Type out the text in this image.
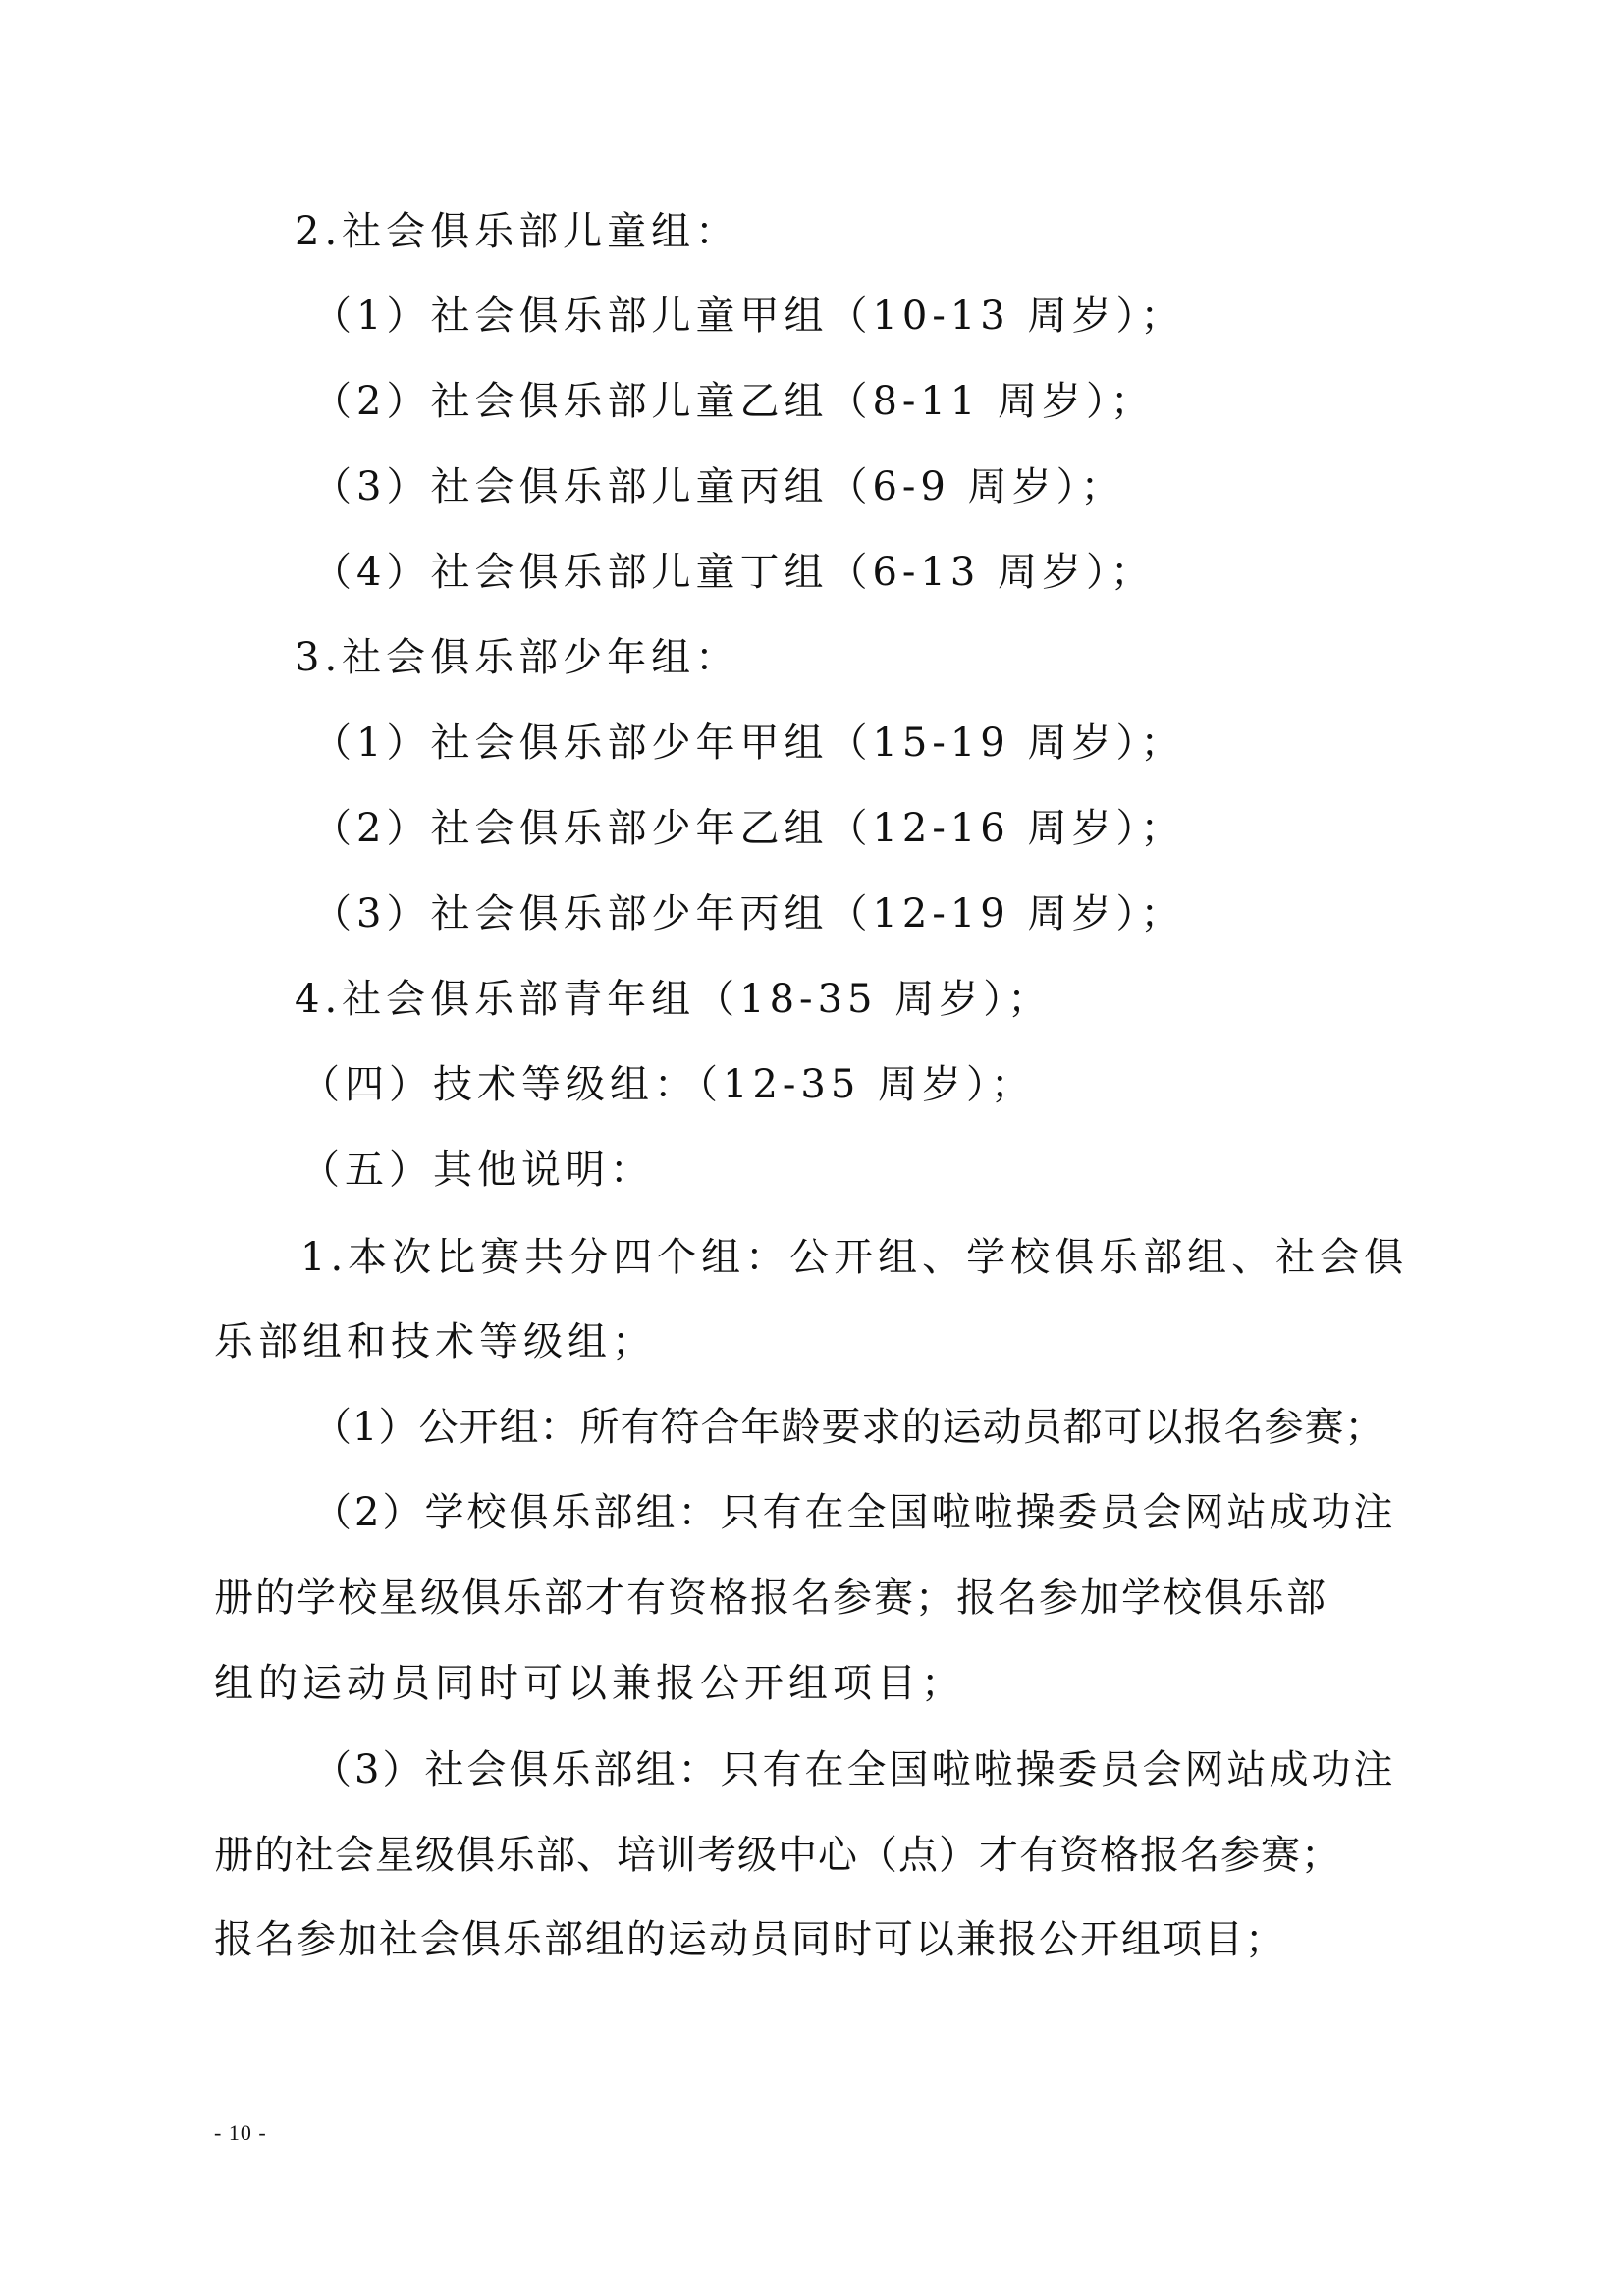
2.社会俱乐部儿童组：
（1）社会俱乐部儿童甲组（10-13 周岁）；
（2）社会俱乐部儿童乙组（8-11 周岁）；
（3）社会俱乐部儿童丙组（6-9 周岁）；
（4）社会俱乐部儿童丁组（6-13 周岁）；
3.社会俱乐部少年组：
（1）社会俱乐部少年甲组（15-19 周岁）；
（2）社会俱乐部少年乙组（12-16 周岁）；
（3）社会俱乐部少年丙组（12-19 周岁）；
4.社会俱乐部青年组（18-35 周岁）；
（四）技术等级组：（12-35 周岁）；
（五）其他说明：
1.本次比赛共分四个组：公开组、学校俱乐部组、社会俱
乐部组和技术等级组；
（1）公开组：所有符合年龄要求的运动员都可以报名参赛；
（2）学校俱乐部组：只有在全国啦啦操委员会网站成功注
册的学校星级俱乐部才有资格报名参赛；报名参加学校俱乐部
组的运动员同时可以兼报公开组项目；
（3）社会俱乐部组：只有在全国啦啦操委员会网站成功注
册的社会星级俱乐部、培训考级中心（点）才有资格报名参赛；
报名参加社会俱乐部组的运动员同时可以兼报公开组项目；
- 10 -
